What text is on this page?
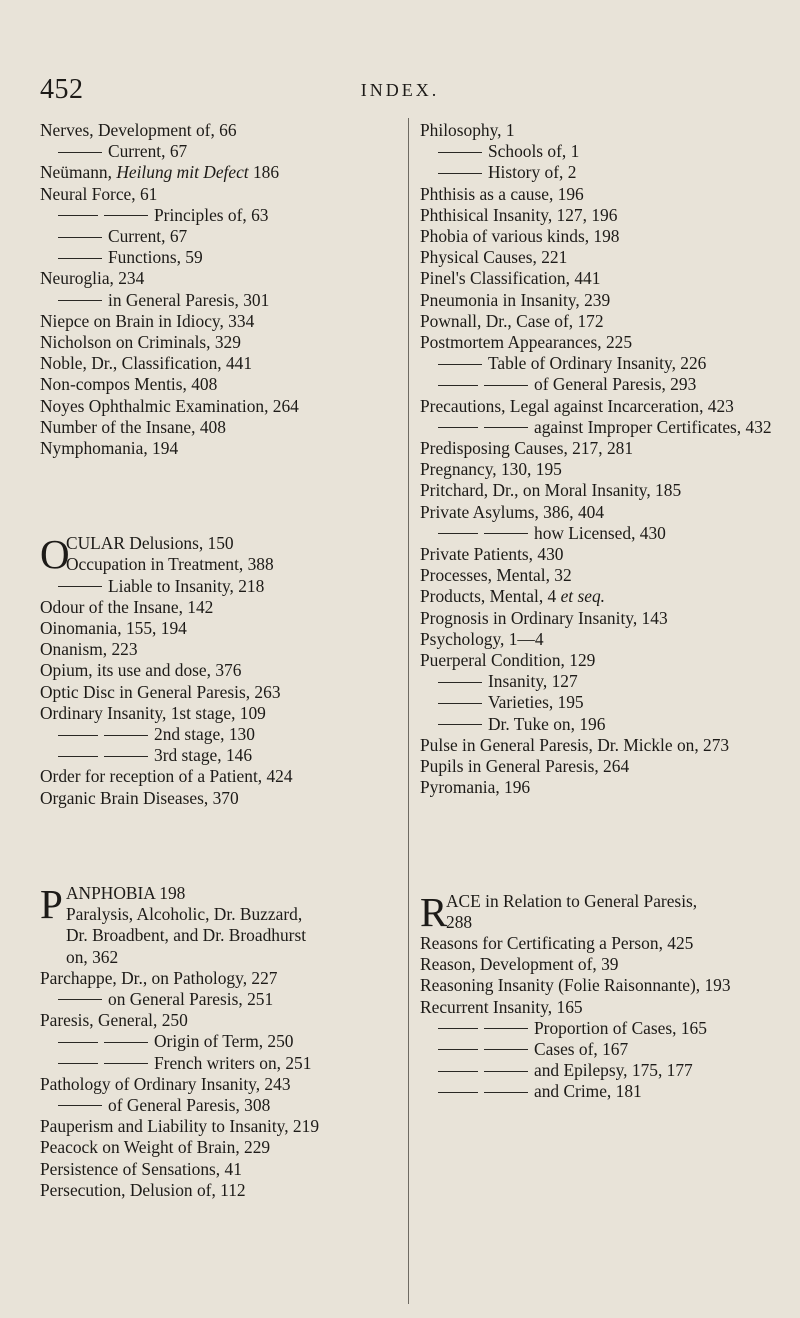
452	INDEX.
Nerves, Development of, 66
Current, 67
Neümann, Heilung mit Defect 186
Neural Force, 61
Principles of, 63
Current, 67
Functions, 59
Neuroglia, 234
in General Paresis, 301
Niepce on Brain in Idiocy, 334
Nicholson on Criminals, 329
Noble, Dr., Classification, 441
Non-compos Mentis, 408
Noyes Ophthalmic Examination, 264
Number of the Insane, 408
Nymphomania, 194
O
CULAR Delusions, 150
Occupation in Treatment, 388
Liable to Insanity, 218
Odour of the Insane, 142
Oinomania, 155, 194
Onanism, 223
Opium, its use and dose, 376
Optic Disc in General Paresis, 263
Ordinary Insanity, 1st stage, 109
2nd stage, 130
3rd stage, 146
Order for reception of a Patient, 424
Organic Brain Diseases, 370
P ANPHOBIA 198
Paralysis, Alcoholic, Dr. Buzzard,
Dr. Broadbent, and Dr. Broadhurst
on, 362
Parchappe, Dr., on Pathology, 227
on General Paresis, 251
Paresis, General, 250
Origin of Term, 250
French writers on, 251
Pathology of Ordinary Insanity, 243
of General Paresis, 308
Pauperism and Liability to Insanity, 219
Peacock on Weight of Brain, 229
Persistence of Sensations, 41
Persecution, Delusion of, 112
Philosophy, 1
Schools of, 1
History of, 2
Phthisis as a cause, 196
Phthisical Insanity, 127, 196
Phobia of various kinds, 198
Physical Causes, 221
Pinel's Classification, 441
Pneumonia in Insanity, 239
Pownall, Dr., Case of, 172
Postmortem Appearances, 225
Table of Ordinary Insanity, 226
of General Paresis, 293
Precautions, Legal against Incarceration, 423
against Improper Certificates, 432
Predisposing Causes, 217, 281
Pregnancy, 130, 195
Pritchard, Dr., on Moral Insanity, 185
Private Asylums, 386, 404
how Licensed, 430
Private Patients, 430
Processes, Mental, 32
Products, Mental, 4 et seq.
Prognosis in Ordinary Insanity, 143
Psychology, 1—4
Puerperal Condition, 129
Insanity, 127
Varieties, 195
Dr. Tuke on, 196
Pulse in General Paresis, Dr. Mickle on, 273
Pupils in General Paresis, 264
Pyromania, 196
R
ACE in Relation to General Paresis,
288
Reasons for Certificating a Person, 425
Reason, Development of, 39
Reasoning Insanity (Folie Raisonnante), 193
Recurrent Insanity, 165
Proportion of Cases, 165
Cases of, 167
and Epilepsy, 175, 177
and Crime, 181
